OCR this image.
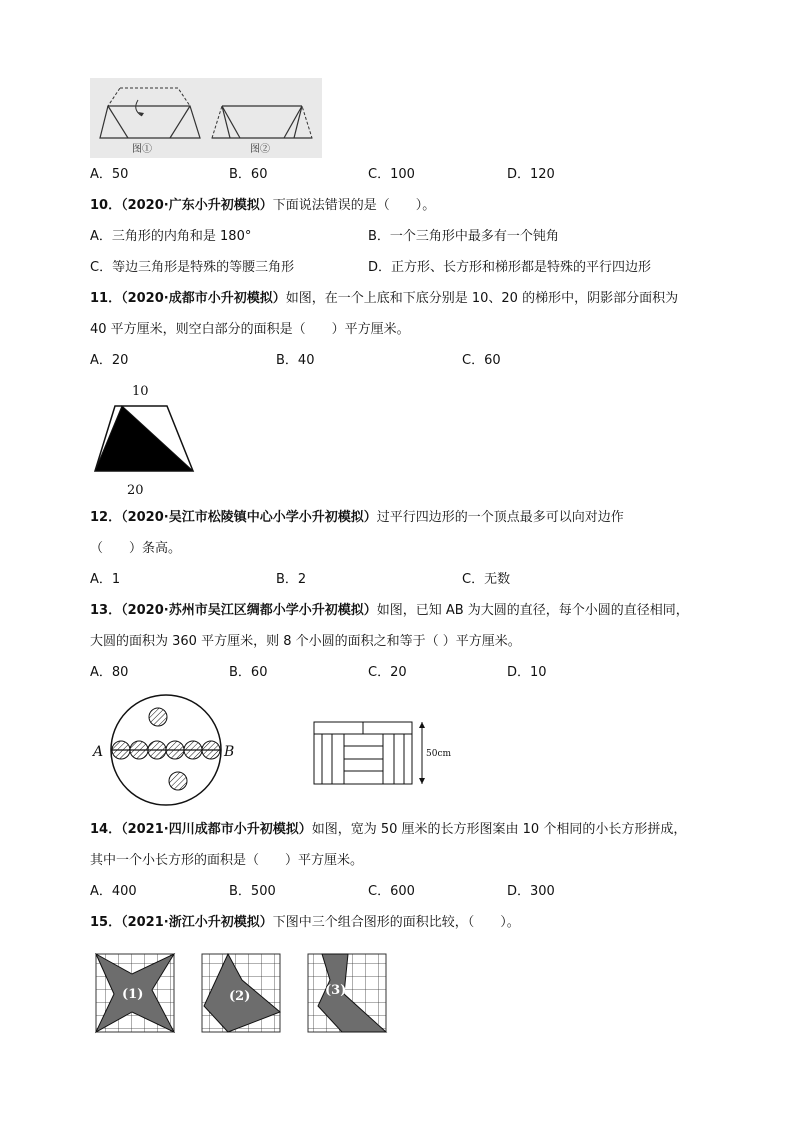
图①	图②
A．50	B．60	C．100	D．120
10．（2020·广东小升初模拟）下面说法错误的是（　　）。
A．三角形的内角和是 180°	B．一个三角形中最多有一个钝角
C．等边三角形是特殊的等腰三角形	D．正方形、长方形和梯形都是特殊的平行四边形
11．（2020·成都市小升初模拟）如图，在一个上底和下底分别是 10、20 的梯形中，阴影部分面积为
40 平方厘米，则空白部分的面积是（　　）平方厘米。
A．20	B．40	C．60
10
20
12．（2020·吴江市松陵镇中心小学小升初模拟）过平行四边形的一个顶点最多可以向对边作
（　　）条高。
A．1	B．2	C．无数
13．（2020·苏州市吴江区绸都小学小升初模拟）如图，已知 AB 为大圆的直径，每个小圆的直径相同，
大圆的面积为 360 平方厘米，则 8 个小圆的面积之和等于（ ）平方厘米。
A．80	B．60	C．20	D．10
A	B	50cm
14．（2021·四川成都市小升初模拟）如图，宽为 50 厘米的长方形图案由 10 个相同的小长方形拼成，
其中一个小长方形的面积是（　　）平方厘米。
A．400	B．500	C．600	D．300
15．（2021·浙江小升初模拟）下图中三个组合图形的面积比较，（　　）。
(1)	(2)	(3)
